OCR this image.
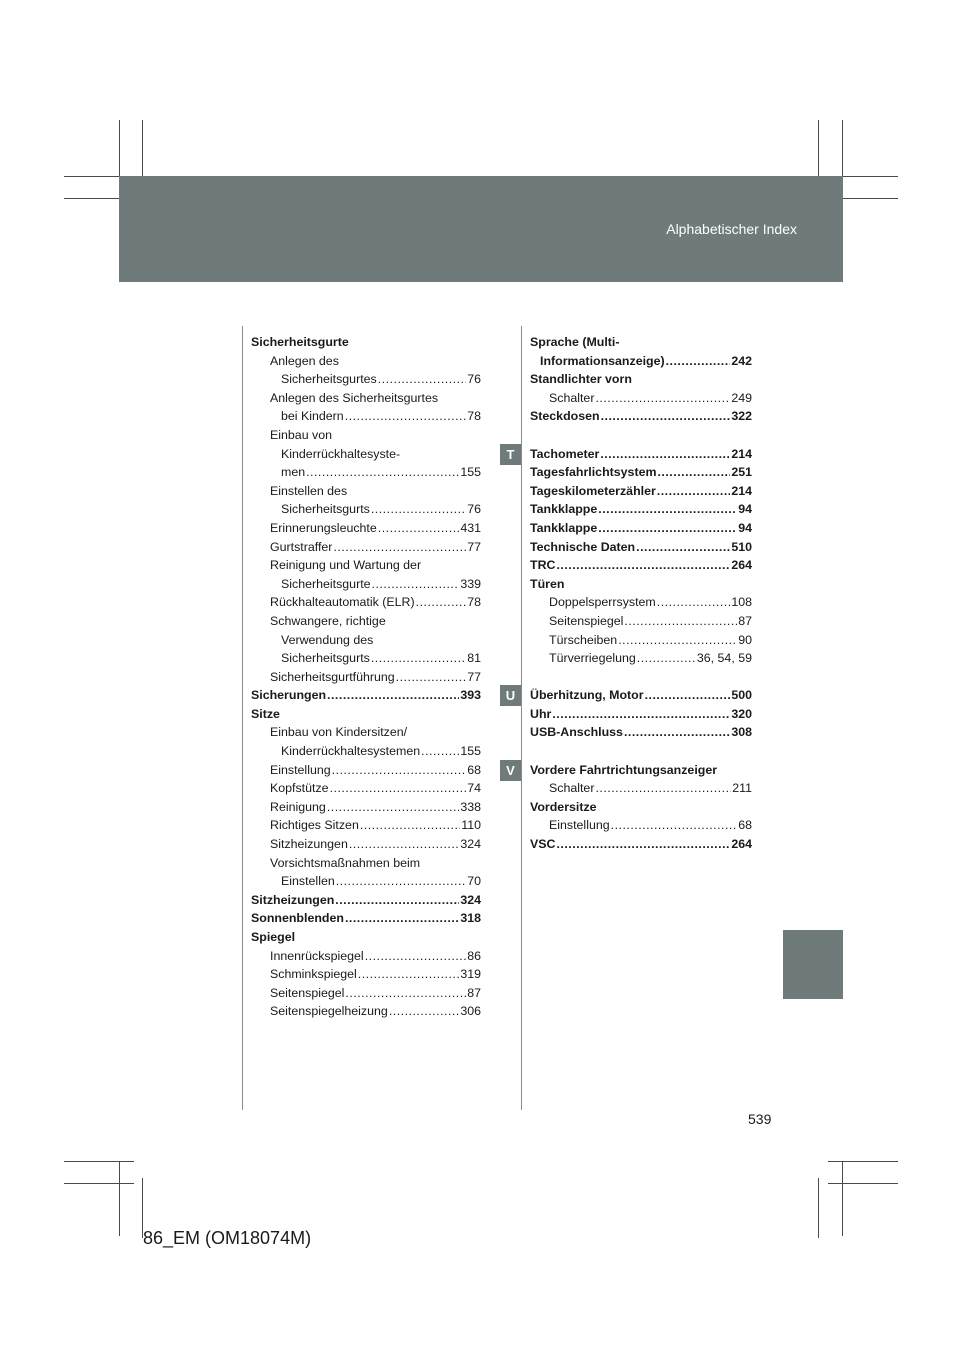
Alphabetischer Index
Sicherheitsgurte
Anlegen des
Sicherheitsgurtes .....	76
Anlegen des Sicherheitsgurtes
bei Kindern .....	78
Einbau von
Kinderrückhaltesyste-
men .....	155
Einstellen des
Sicherheitsgurts .....	76
Erinnerungsleuchte .....	431
Gurtstraffer .....	77
Reinigung und Wartung der
Sicherheitsgurte .....	339
Rückhalteautomatik (ELR) .....	78
Schwangere, richtige
Verwendung des
Sicherheitsgurts .....	81
Sicherheitsgurtführung .....	77
Sicherungen .....	393
Sitze
Einbau von Kindersitzen/
Kinderrückhaltesystemen .....	155
Einstellung .....	68
Kopfstütze .....	74
Reinigung .....	338
Richtiges Sitzen .....	110
Sitzheizungen .....	324
Vorsichtsmaßnahmen beim
Einstellen .....	70
Sitzheizungen .....	324
Sonnenblenden .....	318
Spiegel
Innenrückspiegel .....	86
Schminkspiegel .....	319
Seitenspiegel .....	87
Seitenspiegelheizung .....	306
Sprache (Multi-
Informationsanzeige) .....	242
Standlichter vorn
Schalter .....	249
Steckdosen .....	322
Tachometer .....	214
Tagesfahrlichtsystem .....	251
Tageskilometerzähler .....	214
Tankklappe .....	94
Tankklappe .....	94
Technische Daten .....	510
TRC .....	264
Türen
Doppelsperrsystem .....	108
Seitenspiegel .....	87
Türscheiben .....	90
Türverriegelung .....	36, 54, 59
Überhitzung, Motor .....	500
Uhr .....	320
USB-Anschluss .....	308
Vordere Fahrtrichtungsanzeiger
Schalter .....	211
Vordersitze
Einstellung .....	68
VSC .....	264
T
U
V
539
86_EM (OM18074M)
